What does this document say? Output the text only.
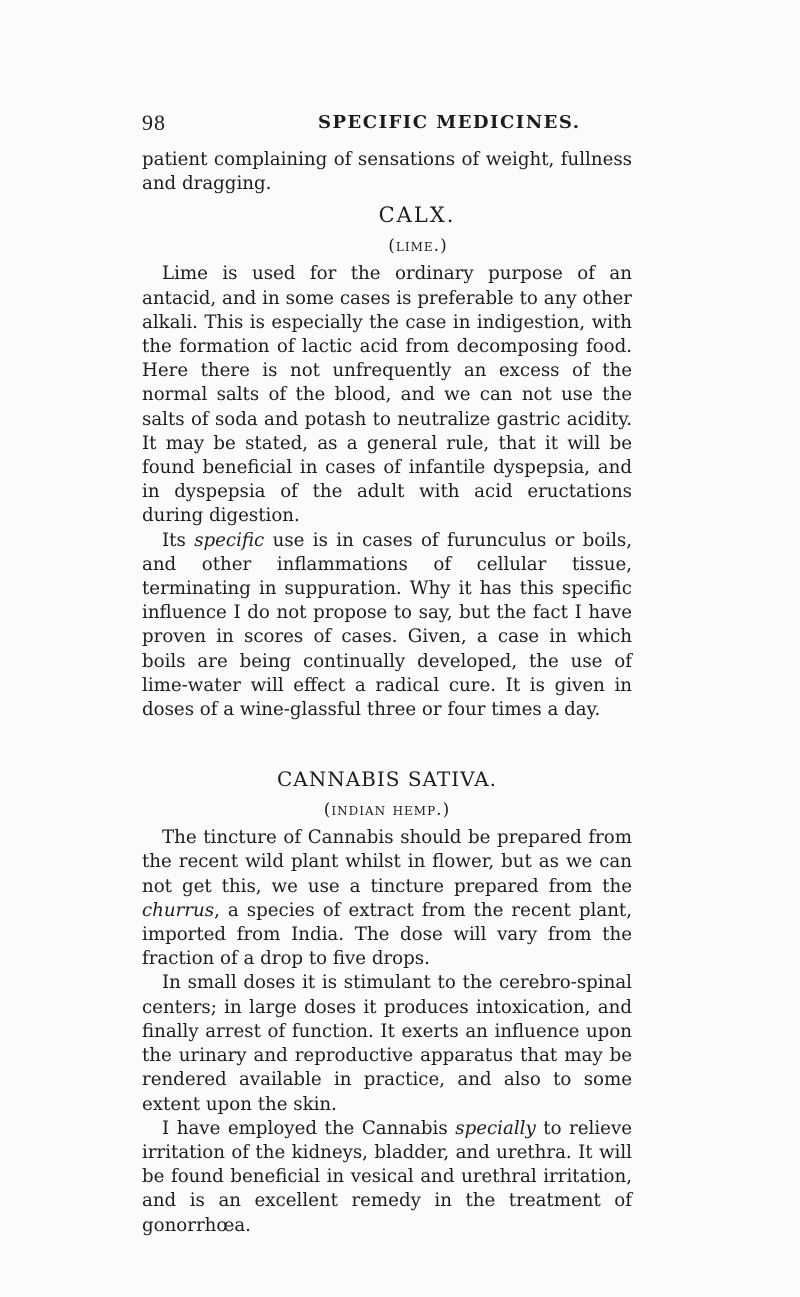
98	SPECIFIC MEDICINES.

patient complaining of sensations of weight, fullness and dragging.

CALX.
(lime.)

Lime is used for the ordinary purpose of an antacid, and in some cases is preferable to any other alkali. This is especially the case in indigestion, with the formation of lactic acid from decomposing food. Here there is not unfrequently an excess of the normal salts of the blood, and we can not use the salts of soda and potash to neutralize gastric acidity. It may be stated, as a general rule, that it will be found beneficial in cases of infantile dyspepsia, and in dyspepsia of the adult with acid eructations during digestion.

Its specific use is in cases of furunculus or boils, and other inflammations of cellular tissue, terminating in suppuration. Why it has this specific influence I do not propose to say, but the fact I have proven in scores of cases. Given, a case in which boils are being continually developed, the use of lime-water will effect a radical cure. It is given in doses of a wine-glassful three or four times a day.

CANNABIS SATIVA.
(indian hemp.)

The tincture of Cannabis should be prepared from the recent wild plant whilst in flower, but as we can not get this, we use a tincture prepared from the churrus, a species of extract from the recent plant, imported from India. The dose will vary from the fraction of a drop to five drops.

In small doses it is stimulant to the cerebro-spinal centers; in large doses it produces intoxication, and finally arrest of function. It exerts an influence upon the urinary and reproductive apparatus that may be rendered available in practice, and also to some extent upon the skin.

I have employed the Cannabis specially to relieve irritation of the kidneys, bladder, and urethra. It will be found beneficial in vesical and urethral irritation, and is an excellent remedy in the treatment of gonorrhœa.
